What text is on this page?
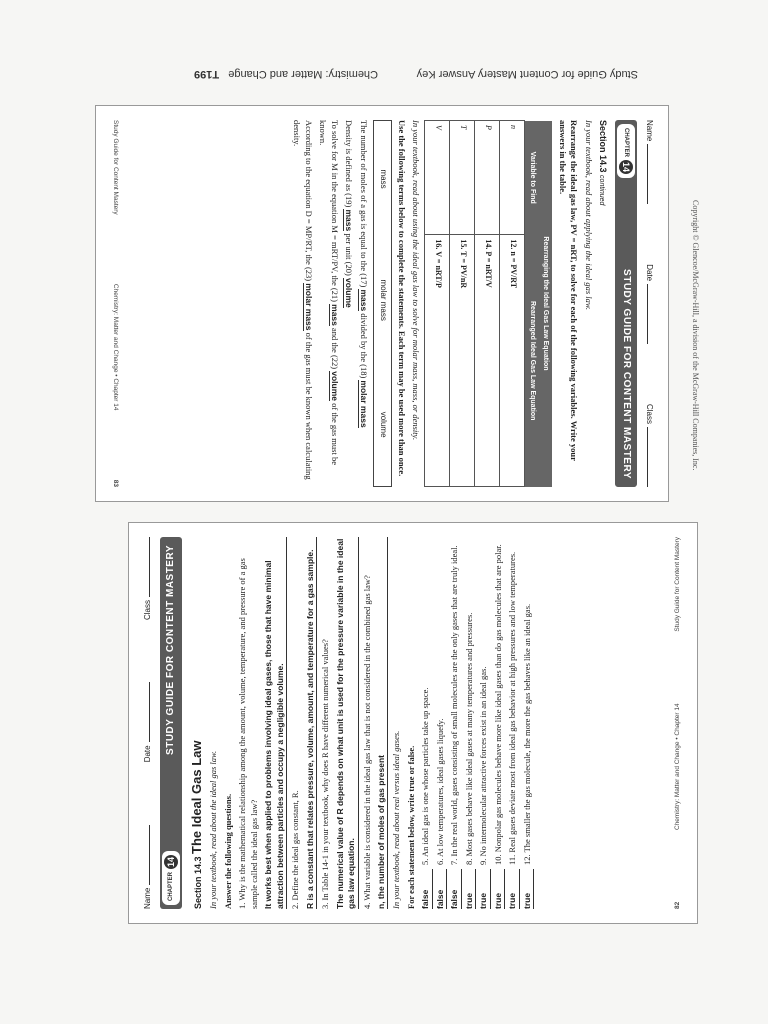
Study Guide for Content Mastery Answer Key
Chemistry: Matter and Change T199
Copyright © Glencoe/McGraw-Hill, a division of the McGraw-Hill Companies, Inc.
Name
Date
Class
CHAPTER
14
STUDY GUIDE FOR CONTENT MASTERY
Section 14.3 continued

In your textbook, read about applying the ideal gas law.

Rearrange the ideal gas law, PV = nRT, to solve for each of the following variables. Write your answers in the table.

Rearranging the Ideal Gas Law Equation	
Variable to Find	Rearranged Ideal Gas Law Equation
n	12. n = PV/RT
P	14. P = nRT/V
T	15. T = PV/nR
V	16. V = nRT/P

In your textbook, read about using the ideal gas law to solve for molar mass, mass, or density.

Use the following terms below to complete the statements. Each term may be used more than once.

mass
molar mass
volume

The number of moles of a gas is equal to the (17) mass divided by the (18) molar mass

Density is defined as (19) mass per unit (20) volume

To solve for M in the equation M = mRT/PV, the (21) mass and the (22) volume of the gas must be known.

According to the equation D = MP/RT, the (23) molar mass of the gas must be known when calculating density.

Study Guide for Content Mastery
Chemistry: Matter and Change • Chapter 14
83
Name
Date
Class
CHAPTER
14
STUDY GUIDE FOR CONTENT MASTERY
Section 14.3 The Ideal Gas Law In your textbook, read about the ideal gas law. Answer the following questions. 1. Why is the mathematical relationship among the amount, volume, temperature, and pressure of a gas sample called the ideal gas law? It works best when applied to problems involving ideal gases, those that have minimal attraction between particles and occupy a negligible volume. 2. Define the ideal gas constant, R. R is a constant that relates pressure, volume, amount, and temperature for a gas sample. 3. In Table 14-1 in your textbook, why does R have different numerical values? The numerical value of R depends on what unit is used for the pressure variable in the ideal gas law equation. 4. What variable is considered in the ideal gas law that is not considered in the combined gas law? n, the number of moles of gas present In your textbook, read about real versus ideal gases. For each statement below, write true or false. false
5. An ideal gas is one whose particles take up space.
false
6. At low temperatures, ideal gases liquefy.
false
7. In the real world, gases consisting of small molecules are the only gases that are truly ideal.
true
8. Most gases behave like ideal gases at many temperatures and pressures.
true
9. No intermolecular attractive forces exist in an ideal gas.
true
10. Nonpolar gas molecules behave more like ideal gases than do gas molecules that are polar.
true
11. Real gases deviate most from ideal gas behavior at high pressures and low temperatures.
true
12. The smaller the gas molecule, the more the gas behaves like an ideal gas.
82
Chemistry: Matter and Change • Chapter 14
Study Guide for Content Mastery
